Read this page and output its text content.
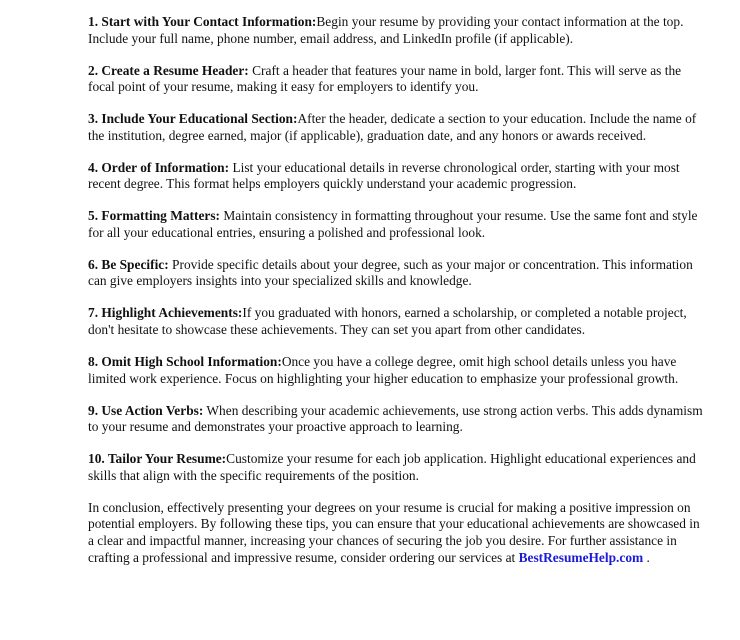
1. Start with Your Contact Information:Begin your resume by providing your contact information at the top. Include your full name, phone number, email address, and LinkedIn profile (if applicable).

2. Create a Resume Header: Craft a header that features your name in bold, larger font. This will serve as the focal point of your resume, making it easy for employers to identify you.

3. Include Your Educational Section:After the header, dedicate a section to your education. Include the name of the institution, degree earned, major (if applicable), graduation date, and any honors or awards received.

4. Order of Information: List your educational details in reverse chronological order, starting with your most recent degree. This format helps employers quickly understand your academic progression.

5. Formatting Matters: Maintain consistency in formatting throughout your resume. Use the same font and style for all your educational entries, ensuring a polished and professional look.

6. Be Specific: Provide specific details about your degree, such as your major or concentration. This information can give employers insights into your specialized skills and knowledge.

7. Highlight Achievements:If you graduated with honors, earned a scholarship, or completed a notable project, don't hesitate to showcase these achievements. They can set you apart from other candidates.

8. Omit High School Information:Once you have a college degree, omit high school details unless you have limited work experience. Focus on highlighting your higher education to emphasize your professional growth.

9. Use Action Verbs: When describing your academic achievements, use strong action verbs. This adds dynamism to your resume and demonstrates your proactive approach to learning.

10. Tailor Your Resume:Customize your resume for each job application. Highlight educational experiences and skills that align with the specific requirements of the position.

In conclusion, effectively presenting your degrees on your resume is crucial for making a positive impression on potential employers. By following these tips, you can ensure that your educational achievements are showcased in a clear and impactful manner, increasing your chances of securing the job you desire. For further assistance in crafting a professional and impressive resume, consider ordering our services at BestResumeHelp.com .
